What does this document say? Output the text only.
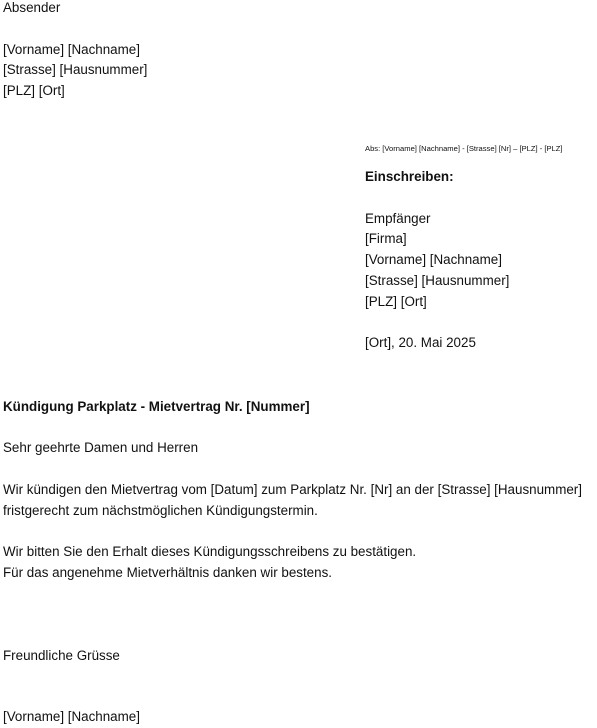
Absender

[Vorname] [Nachname]
[Strasse] [Hausnummer]
[PLZ] [Ort]
Abs: [Vorname] [Nachname] - [Strasse] [Nr] – [PLZ] - [PLZ]
Einschreiben:

Empfänger
[Firma]
[Vorname] [Nachname]
[Strasse] [Hausnummer]
[PLZ] [Ort]

[Ort], 20. Mai 2025
Kündigung Parkplatz - Mietvertrag Nr. [Nummer]
Sehr geehrte Damen und Herren
Wir kündigen den Mietvertrag vom [Datum] zum Parkplatz Nr. [Nr] an der [Strasse] [Hausnummer]
fristgerecht zum nächstmöglichen Kündigungstermin.
Wir bitten Sie den Erhalt dieses Kündigungsschreibens zu bestätigen.
Für das angenehme Mietverhältnis danken wir bestens.
Freundliche Grüsse
[Vorname] [Nachname]
